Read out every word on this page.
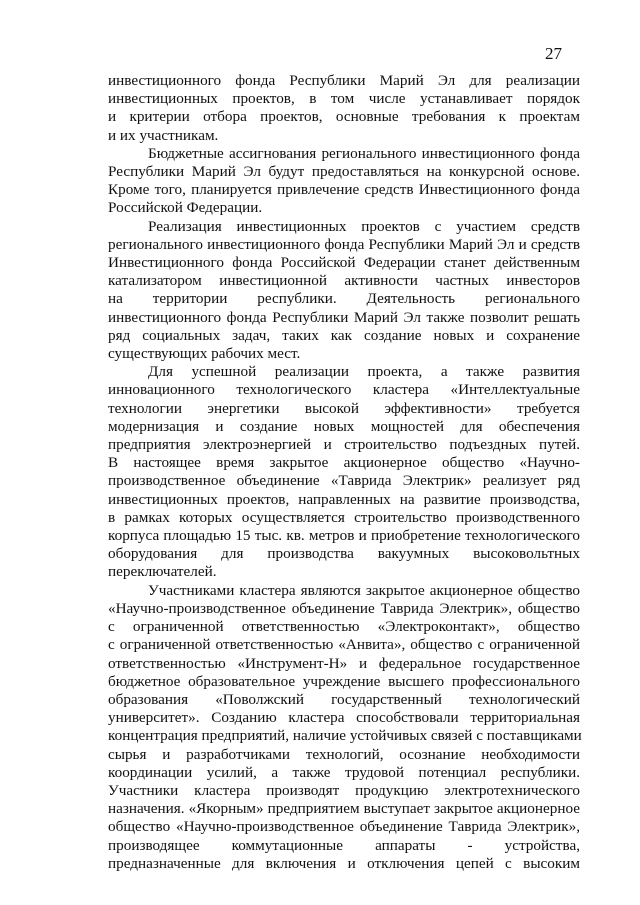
27
инвестиционного фонда Республики Марий Эл для реализации
инвестиционных проектов, в том числе устанавливает порядок
и критерии отбора проектов, основные требования к проектам
и их участникам.
Бюджетные ассигнования регионального инвестиционного фонда
Республики Марий Эл будут предоставляться на конкурсной основе.
Кроме того, планируется привлечение средств Инвестиционного фонда
Российской Федерации.
Реализация инвестиционных проектов с участием средств
регионального инвестиционного фонда Республики Марий Эл и средств
Инвестиционного фонда Российской Федерации станет действенным
катализатором инвестиционной активности частных инвесторов
на территории республики. Деятельность регионального
инвестиционного фонда Республики Марий Эл также позволит решать
ряд социальных задач, таких как создание новых и сохранение
существующих рабочих мест.
Для успешной реализации проекта, а также развития
инновационного технологического кластера «Интеллектуальные
технологии энергетики высокой эффективности» требуется
модернизация и создание новых мощностей для обеспечения
предприятия электроэнергией и строительство подъездных путей.
В настоящее время закрытое акционерное общество «Научно-
производственное объединение «Таврида Электрик» реализует ряд
инвестиционных проектов, направленных на развитие производства,
в рамках которых осуществляется строительство производственного
корпуса площадью 15 тыс. кв. метров и приобретение технологического
оборудования для производства вакуумных высоковольтных
переключателей.
Участниками кластера являются закрытое акционерное общество
«Научно-производственное объединение Таврида Электрик», общество
с ограниченной ответственностью «Электроконтакт», общество
с ограниченной ответственностью «Анвита», общество с ограниченной
ответственностью «Инструмент-Н» и федеральное государственное
бюджетное образовательное учреждение высшего профессионального
образования «Поволжский государственный технологический
университет». Созданию кластера способствовали территориальная
концентрация предприятий, наличие устойчивых связей с поставщиками
сырья и разработчиками технологий, осознание необходимости
координации усилий, а также трудовой потенциал республики.
Участники кластера производят продукцию электротехнического
назначения. «Якорным» предприятием выступает закрытое акционерное
общество «Научно-производственное объединение Таврида Электрик»,
производящее коммутационные аппараты - устройства,
предназначенные для включения и отключения цепей с высоким
